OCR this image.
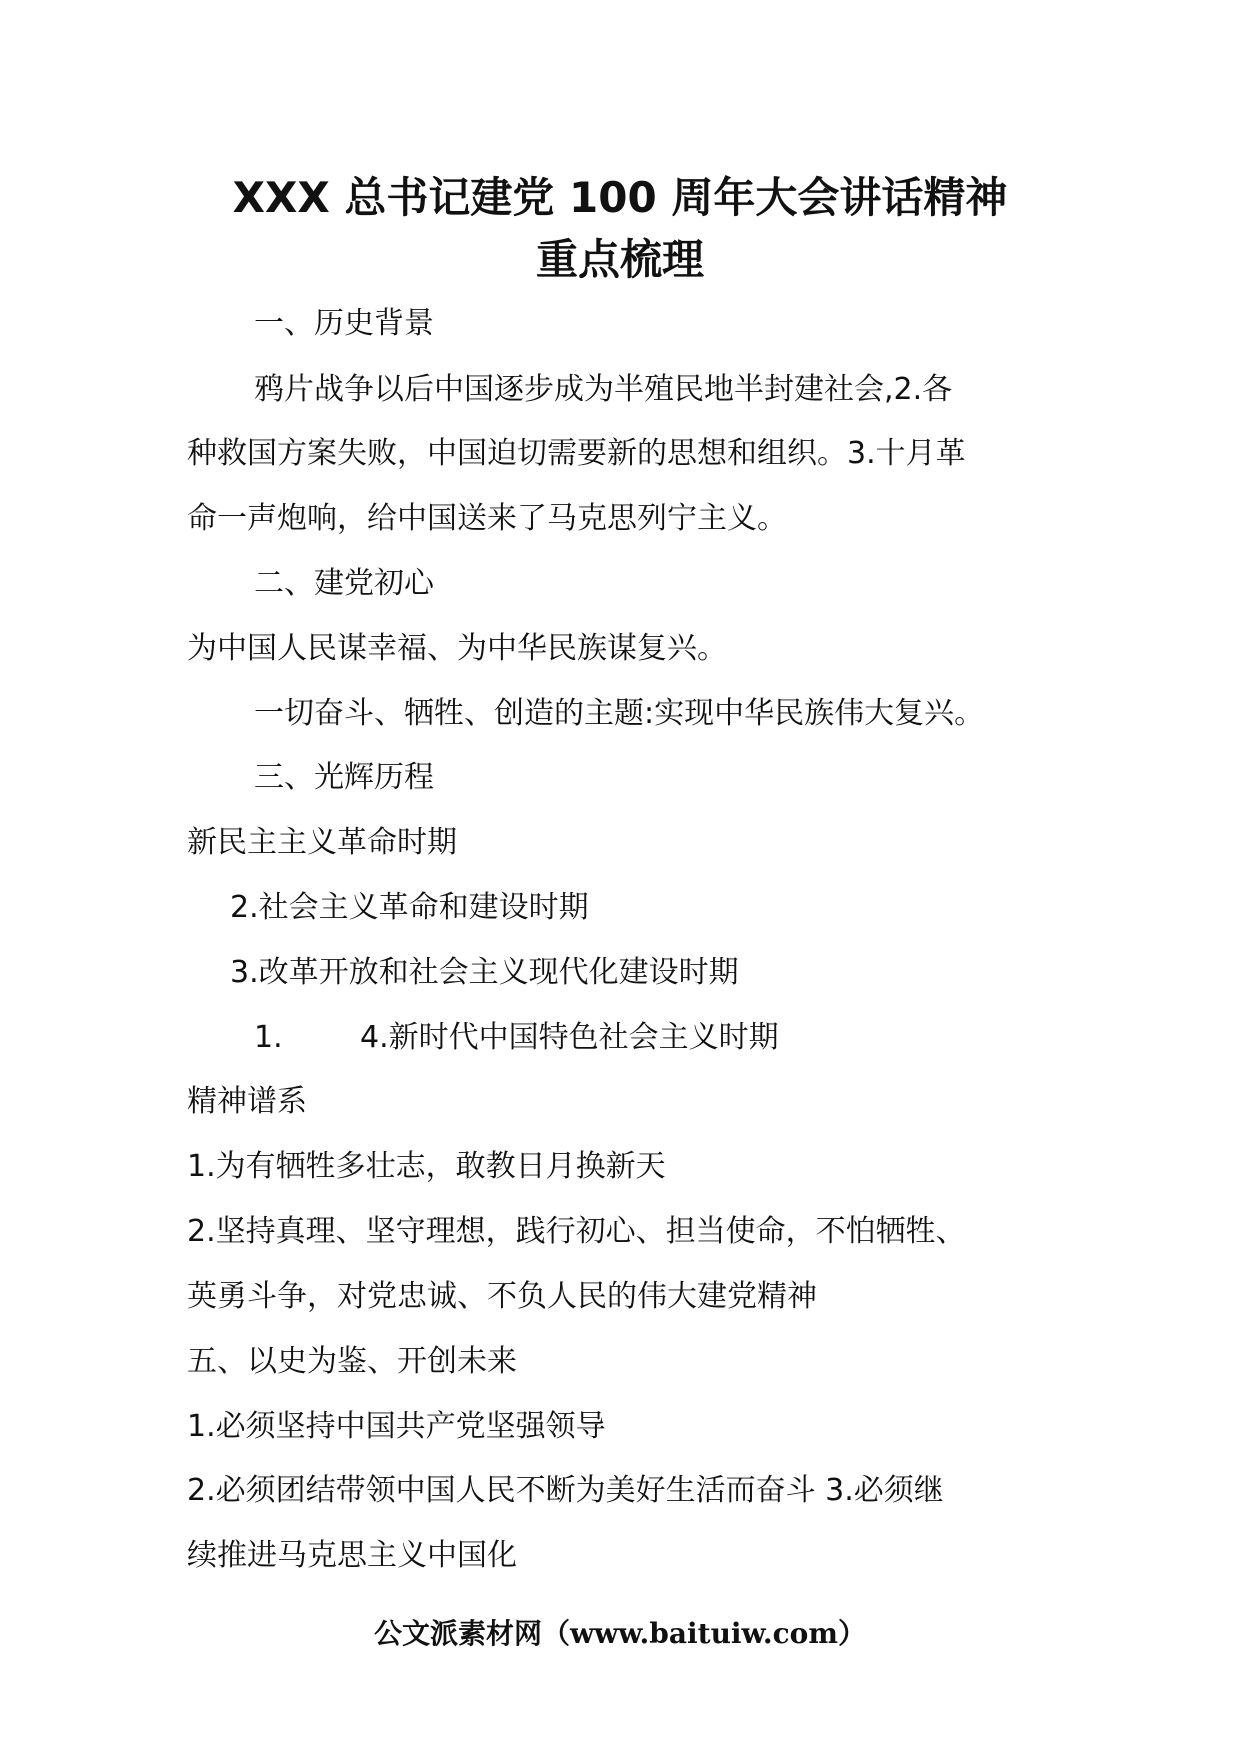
XXX 总书记建党 100 周年大会讲话精神
重点梳理
一、历史背景
鸦片战争以后中国逐步成为半殖民地半封建社会,2.各
种救国方案失败，中国迫切需要新的思想和组织。3.十月革
命一声炮响，给中国送来了马克思列宁主义。
二、建党初心
为中国人民谋幸福、为中华民族谋复兴。
一切奋斗、牺牲、创造的主题:实现中华民族伟大复兴。
三、光辉历程
新民主主义革命时期
2.社会主义革命和建设时期
3.改革开放和社会主义现代化建设时期
1.	4.新时代中国特色社会主义时期
精神谱系
1.为有牺牲多壮志，敢教日月换新天
2.坚持真理、坚守理想，践行初心、担当使命，不怕牺牲、
英勇斗争，对党忠诚、不负人民的伟大建党精神
五、以史为鉴、开创未来
1.必须坚持中国共产党坚强领导
2.必须团结带领中国人民不断为美好生活而奋斗 3.必须继
续推进马克思主义中国化
公文派素材网（www.baituiw.com）
